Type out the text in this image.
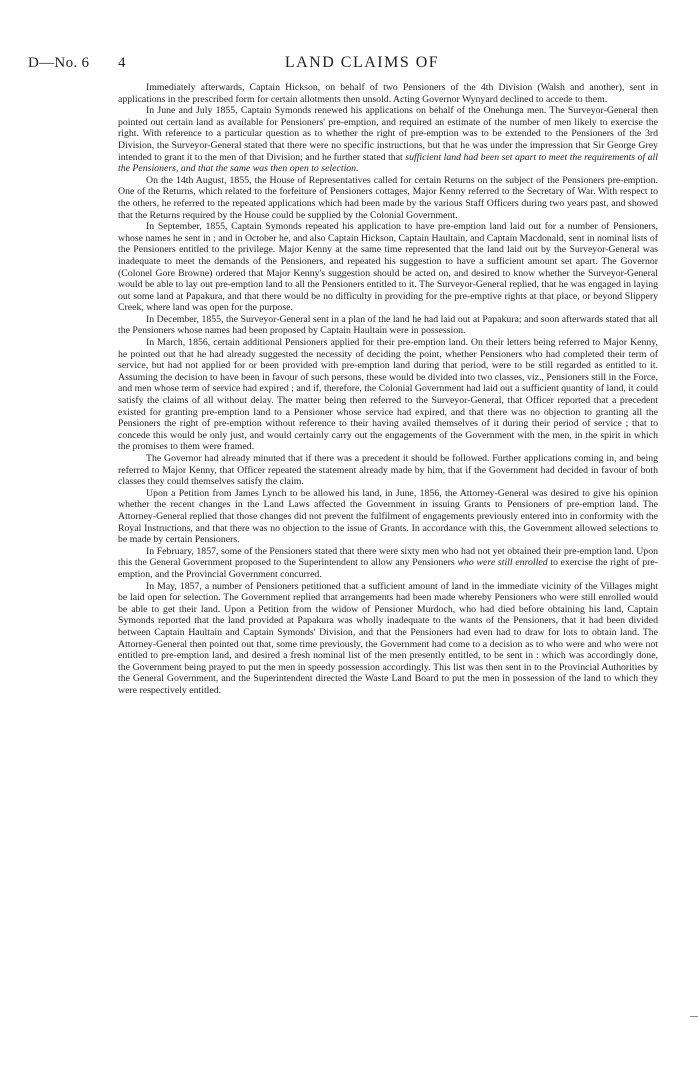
D—No. 6 4	LAND CLAIMS OF

Immediately afterwards, Captain Hickson, on behalf of two Pensioners of the 4th Division (Walsh and another), sent in applications in the prescribed form for certain allotments then unsold. Acting Governor Wynyard declined to accede to them.

In June and July 1855, Captain Symonds renewed his applications on behalf of the Onehunga men. The Surveyor-General then pointed out certain land as available for Pensioners' pre-emption, and required an estimate of the number of men likely to exercise the right. With reference to a particular question as to whether the right of pre-emption was to be extended to the Pensioners of the 3rd Division, the Surveyor-General stated that there were no specific instructions, but that he was under the impression that Sir George Grey intended to grant it to the men of that Division; and he further stated that sufficient land had been set apart to meet the requirements of all the Pensioners, and that the same was then open to selection.

On the 14th August, 1855, the House of Representatives called for certain Returns on the subject of the Pensioners pre-emption. One of the Returns, which related to the forfeiture of Pensioners cottages, Major Kenny referred to the Secretary of War. With respect to the others, he referred to the repeated applications which had been made by the various Staff Officers during two years past, and showed that the Returns required by the House could be supplied by the Colonial Government.

In September, 1855, Captain Symonds repeated his application to have pre-emption land laid out for a number of Pensioners, whose names he sent in ; and in October he, and also Captain Hickson, Captain Haultain, and Captain Macdonald, sent in nominal lists of the Pensioners entitled to the privilege. Major Kenny at the same time represented that the land laid out by the Surveyor-General was inadequate to meet the demands of the Pensioners, and repeated his suggestion to have a sufficient amount set apart. The Governor (Colonel Gore Browne) ordered that Major Kenny's suggestion should be acted on, and desired to know whether the Surveyor-General would be able to lay out pre-emption land to all the Pensioners entitled to it. The Surveyor-General replied, that he was engaged in laying out some land at Papakura, and that there would be no difficulty in providing for the pre-emptive rights at that place, or beyond Slippery Creek, where land was open for the purpose.

In December, 1855, the Surveyor-General sent in a plan of the land he had laid out at Papakura; and soon afterwards stated that all the Pensioners whose names had been proposed by Captain Haultain were in possession.

In March, 1856, certain additional Pensioners applied for their pre-emption land. On their letters being referred to Major Kenny, he pointed out that he had already suggested the necessity of deciding the point, whether Pensioners who had completed their term of service, but had not applied for or been provided with pre-emption land during that period, were to be still regarded as entitled to it. Assuming the decision to have been in favour of such persons, these would be divided into two classes, viz., Pensioners still in the Force, and men whose term of service had expired ; and if, therefore, the Colonial Government had laid out a sufficient quantity of land, it could satisfy the claims of all without delay. The matter being then referred to the Surveyor-General, that Officer reported that a precedent existed for granting pre-emption land to a Pensioner whose service had expired, and that there was no objection to granting all the Pensioners the right of pre-emption without reference to their having availed themselves of it during their period of service ; that to concede this would be only just, and would certainly carry out the engagements of the Government with the men, in the spirit in which the promises to them were framed.

The Governor had already minuted that if there was a precedent it should be followed. Further applications coming in, and being referred to Major Kenny, that Officer repeated the statement already made by him, that if the Government had decided in favour of both classes they could themselves satisfy the claim.

Upon a Petition from James Lynch to be allowed his land, in June, 1856, the Attorney-General was desired to give his opinion whether the recent changes in the Land Laws affected the Government in issuing Grants to Pensioners of pre-emption land. The Attorney-General replied that those changes did not prevent the fulfilment of engagements previously entered into in conformity with the Royal Instructions, and that there was no objection to the issue of Grants. In accordance with this, the Government allowed selections to be made by certain Pensioners.

In February, 1857, some of the Pensioners stated that there were sixty men who had not yet obtained their pre-emption land. Upon this the General Government proposed to the Superintendent to allow any Pensioners who were still enrolled to exercise the right of pre-emption, and the Provincial Government concurred.

In May, 1857, a number of Pensioners petitioned that a sufficient amount of land in the immediate vicinity of the Villages might be laid open for selection. The Government replied that arrangements had been made whereby Pensioners who were still enrolled would be able to get their land. Upon a Petition from the widow of Pensioner Murdoch, who had died before obtaining his land, Captain Symonds reported that the land provided at Papakura was wholly inadequate to the wants of the Pensioners, that it had been divided between Captain Haultain and Captain Symonds' Division, and that the Pensioners had even had to draw for lots to obtain land. The Attorney-General then pointed out that, some time previously, the Government had come to a decision as to who were and who were not entitled to pre-emption land, and desired a fresh nominal list of the men presently entitled, to be sent in : which was accordingly done, the Government being prayed to put the men in speedy possession accordingly. This list was then sent in to the Provincial Authorities by the General Government, and the Superintendent directed the Waste Land Board to put the men in possession of the land to which they were respectively entitled.
